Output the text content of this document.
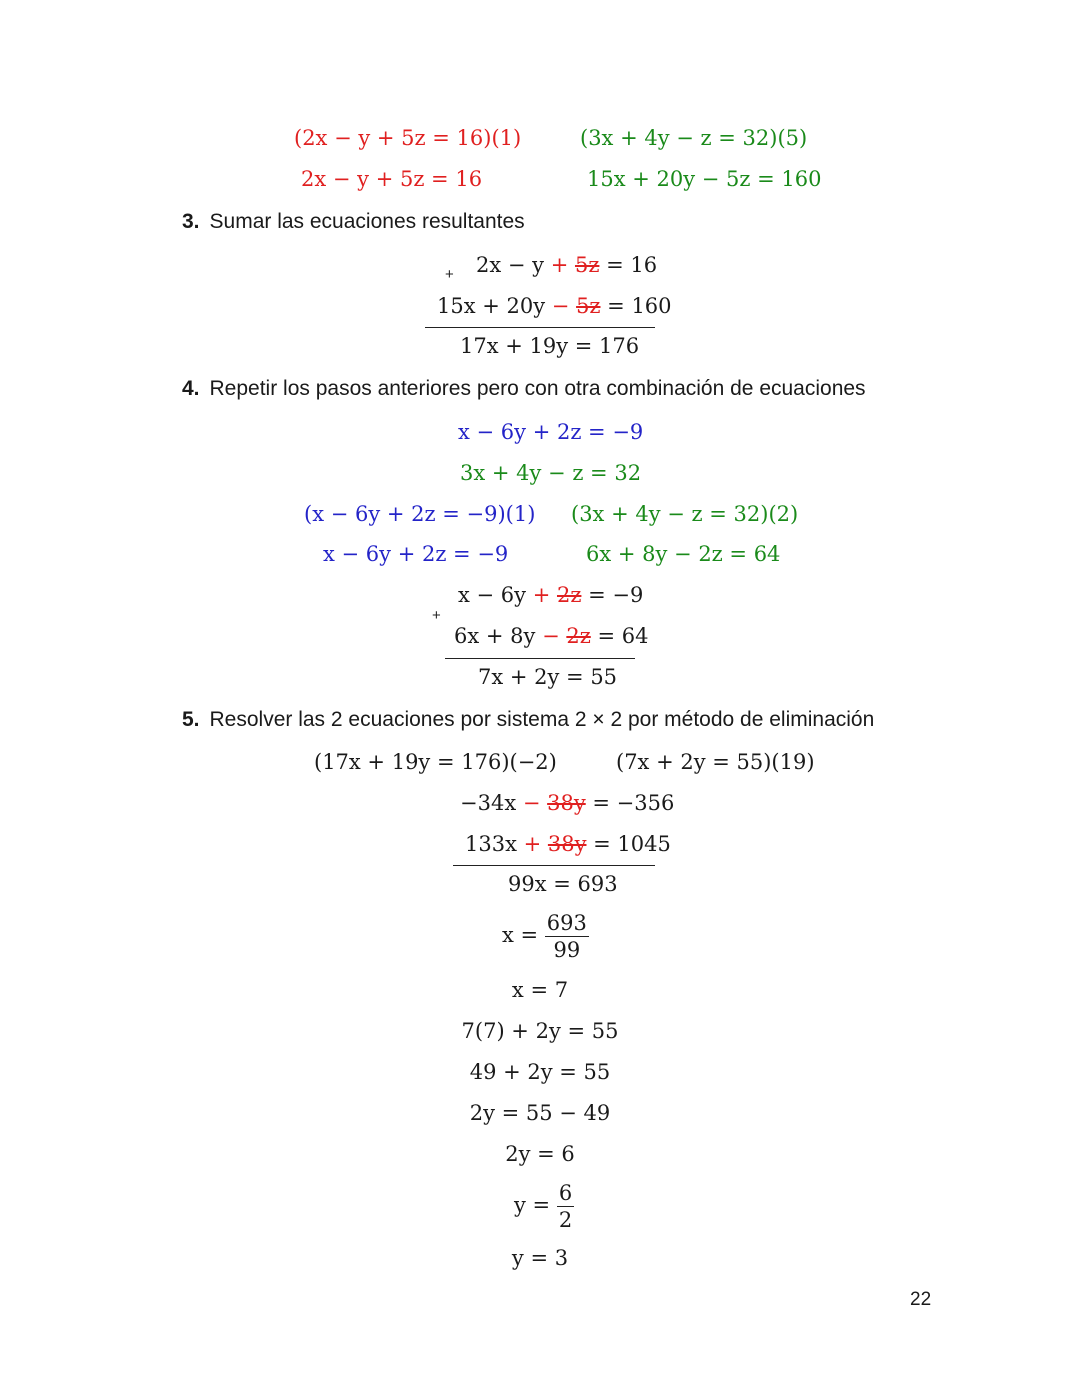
(2x − y + 5z = 16)(1)	(3x + 4y − z = 32)(5)
2x − y + 5z = 16	15x + 20y − 5z = 160
3. Sumar las ecuaciones resultantes
+ 2x − y + 5z = 16
15x + 20y − 5z = 160
17x + 19y = 176
4. Repetir los pasos anteriores pero con otra combinación de ecuaciones
x − 6y + 2z = −9
3x + 4y − z = 32
(x − 6y + 2z = −9)(1) (3x + 4y − z = 32)(2)
x − 6y + 2z = −9	6x + 8y − 2z = 64
+
x − 6y + 2z = −9
6x + 8y − 2z = 64
7x + 2y = 55
5. Resolver las 2 ecuaciones por sistema 2 × 2 por método de eliminación
(17x + 19y = 176)(−2)	(7x + 2y = 55)(19)
−34x − 38y = −356
133x + 38y = 1045
99x = 693
$x = \frac{693}{99}$
x = 7
7(7) + 2y = 55
49 + 2y = 55
2y = 55 − 49
2y = 6
$y = \frac{6}{2}$
y = 3
22
